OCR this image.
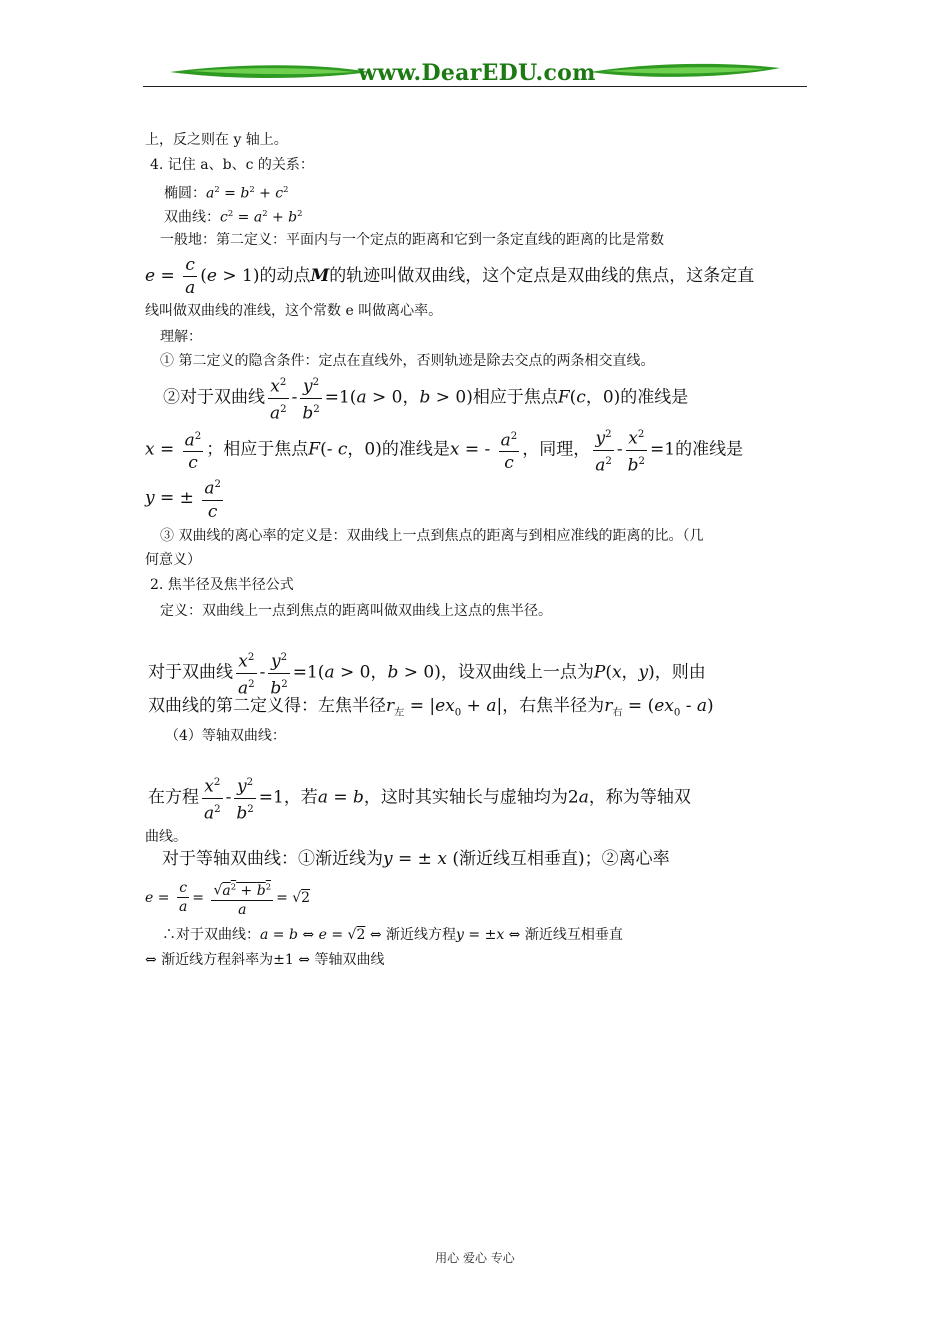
www.DearEDU.com
上，反之则在 y 轴上。
4. 记住 a、b、c 的关系：
椭圆：$a^2 = b^2 + c^2$
双曲线：$c^2 = a^2 + b^2$
一般地：第二定义：平面内与一个定点的距离和它到一条定直线的距离的比是常数
$e = \frac{c}{a} (e > 1)$的动点M的轨迹叫做双曲线，这个定点是双曲线的焦点，这条定直
线叫做双曲线的准线，这个常数 e 叫做离心率。
理解：
① 第二定义的隐含条件：定点在直线外，否则轨迹是除去交点的两条相交直线。
②对于双曲线 $\frac{x^2}{a^2} - \frac{y^2}{b^2} =1(a > 0$，b > 0)相应于焦点F(c，0)的准线是
$x = \frac{a^2}{c}$ ；相应于焦点F(- c，0)的准线是x = - $\frac{a^2}{c}$ ，同理， $\frac{y^2}{a^2} - \frac{x^2}{b^2} =1$的准线是
y = ± $\frac{a^2}{c}$
③ 双曲线的离心率的定义是：双曲线上一点到焦点的距离与到相应准线的距离的比。（几
何意义）
2. 焦半径及焦半径公式
定义：双曲线上一点到焦点的距离叫做双曲线上这点的焦半径。
对于双曲线 $\frac{x^2}{a^2} - \frac{y^2}{b^2} =1(a > 0$，b > 0)，设双曲线上一点为P(x，y)，则由
双曲线的第二定义得：左焦半径$r_左 = |ex_0 + a|$，右焦半径为$r_右 = (ex_0 - a)$
（4）等轴双曲线：
在方程 $\frac{x^2}{a^2} - \frac{y^2}{b^2} =1$，若a = b，这时其实轴长与虚轴均为2a，称为等轴双
曲线。
对于等轴双曲线：①渐近线为y = ± x (渐近线互相垂直)；②离心率
$e = \frac{c}{a} = \frac{√a^2 + b^2}{a} = √2$
∴对于双曲线：a = b ⇔ e = √2 ⇔ 渐近线方程y = ±x ⇔ 渐近线互相垂直
⇔ 渐近线方程斜率为±1 ⇔ 等轴双曲线
用心 爱心 专心
